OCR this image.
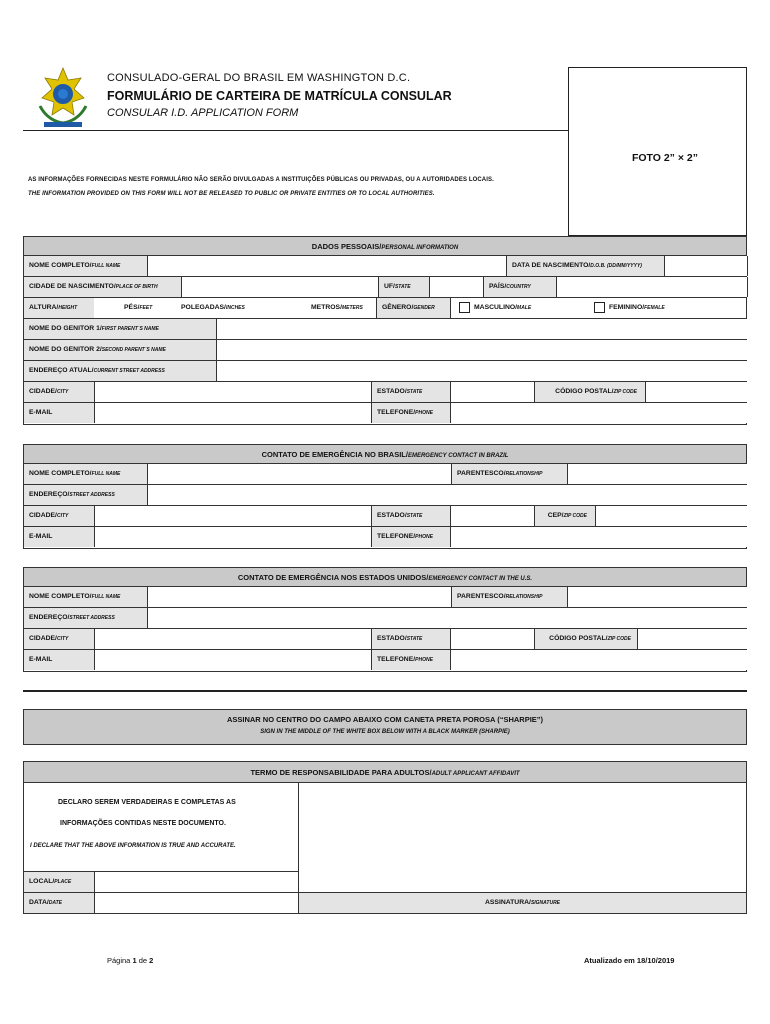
CONSULADO-GERAL DO BRASIL EM WASHINGTON D.C.
FORMULÁRIO DE CARTEIRA DE MATRÍCULA CONSULAR
CONSULAR I.D. APPLICATION FORM
FOTO 2” × 2”
AS INFORMAÇÕES FORNECIDAS NESTE FORMULÁRIO NÃO SERÃO DIVULGADAS A INSTITUIÇÕES PÚBLICAS OU PRIVADAS, OU A AUTORIDADES LOCAIS.
THE INFORMATION PROVIDED ON THIS FORM WILL NOT BE RELEASED TO PUBLIC OR PRIVATE ENTITIES OR TO LOCAL AUTHORITIES.
DADOS PESSOAIS/PERSONAL INFORMATION
NOME COMPLETO/FULL NAME	DATA DE NASCIMENTO/D.O.B. (DD/MM/YYYY)
CIDADE DE NASCIMENTO/PLACE OF BIRTH	UF/STATE	PAÍS/COUNTRY
ALTURA/HEIGHT	PÉS/FEET	POLEGADAS/INCHES	METROS/METERS	GÊNERO/GENDER	MASCULINO/MALE	FEMININO/FEMALE
NOME DO GENITOR 1/FIRST PARENT´S NAME
NOME DO GENITOR 2/SECOND PARENT´S NAME
ENDEREÇO ATUAL/CURRENT STREET ADDRESS
CIDADE/CITY	ESTADO/STATE	CÓDIGO POSTAL/ZIP CODE
E-MAIL	TELEFONE/PHONE
CONTATO DE EMERGÊNCIA NO BRASIL/EMERGENCY CONTACT IN BRAZIL
NOME COMPLETO/FULL NAME	PARENTESCO/RELATIONSHIP
ENDEREÇO/STREET ADDRESS
CIDADE/CITY	ESTADO/STATE	CEP/ZIP CODE
E-MAIL	TELEFONE/PHONE
CONTATO DE EMERGÊNCIA NOS ESTADOS UNIDOS/EMERGENCY CONTACT IN THE U.S.
NOME COMPLETO/FULL NAME	PARENTESCO/RELATIONSHIP
ENDEREÇO/STREET ADDRESS
CIDADE/CITY	ESTADO/STATE	CÓDIGO POSTAL/ZIP CODE
E-MAIL	TELEFONE/PHONE
ASSINAR NO CENTRO DO CAMPO ABAIXO COM CANETA PRETA POROSA (“SHARPIE”)
SIGN IN THE MIDDLE OF THE WHITE BOX BELOW WITH A BLACK MARKER (SHARPIE)
TERMO DE RESPONSABILIDADE PARA ADULTOS/ADULT APPLICANT AFFIDAVIT
DECLARO SEREM VERDADEIRAS E COMPLETAS AS
INFORMAÇÕES CONTIDAS NESTE DOCUMENTO.
I DECLARE THAT THE ABOVE INFORMATION IS TRUE AND ACCURATE.
LOCAL/PLACE
DATA/DATE	ASSINATURA/SIGNATURE
Página 1 de 2	Atualizado em 18/10/2019
